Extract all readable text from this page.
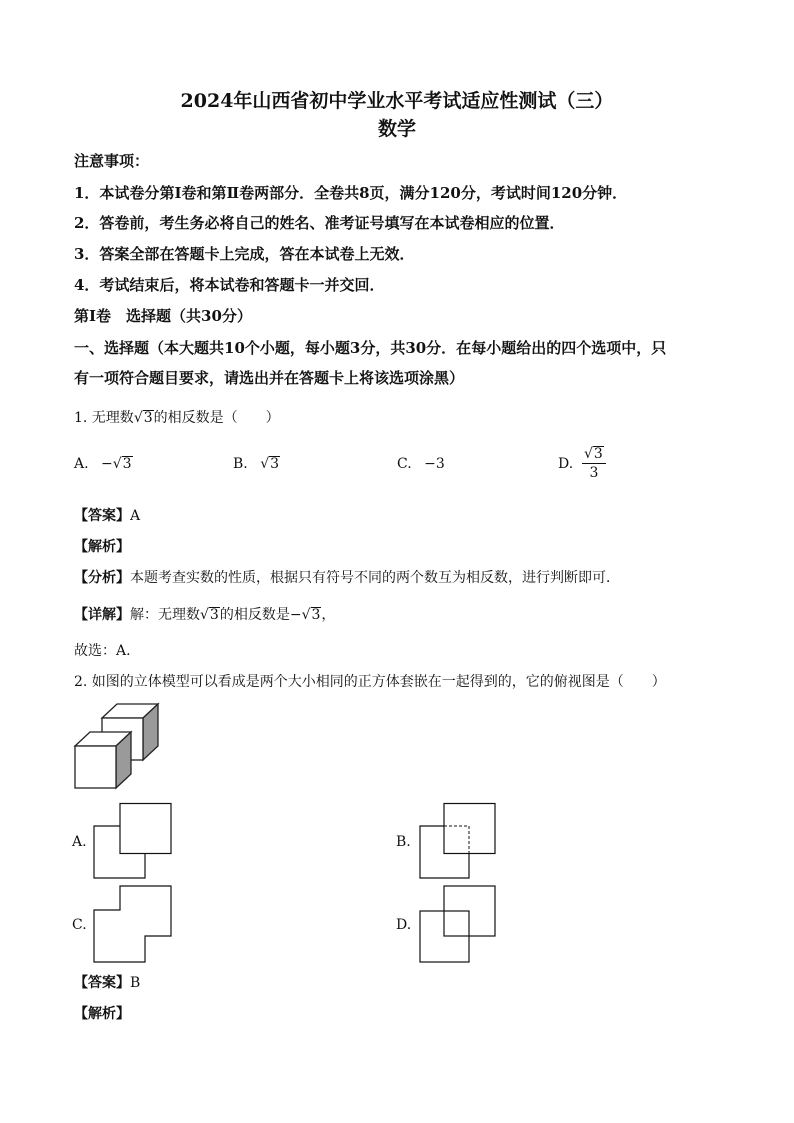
2024年山西省初中学业水平考试适应性测试（三）
数学
注意事项：
1．本试卷分第Ⅰ卷和第Ⅱ卷两部分．全卷共8页，满分120分，考试时间120分钟．
2．答卷前，考生务必将自己的姓名、准考证号填写在本试卷相应的位置．
3．答案全部在答题卡上完成，答在本试卷上无效．
4．考试结束后，将本试卷和答题卡一并交回．
第Ⅰ卷　选择题（共30分）
一、选择题（本大题共10个小题，每小题3分，共30分．在每小题给出的四个选项中，只
有一项符合题目要求，请选出并在答题卡上将该选项涂黑）
1. 无理数√3的相反数是（　　）
A. −√3	B. √3	C. −3	D. $\frac{√3}{3}$
【答案】A
【解析】
【分析】本题考查实数的性质，根据只有符号不同的两个数互为相反数，进行判断即可．
【详解】解：无理数√3的相反数是−√3，
故选：A.
2. 如图的立体模型可以看成是两个大小相同的正方体套嵌在一起得到的，它的俯视图是（　　）
A.	B.
C.	D.
【答案】B
【解析】
